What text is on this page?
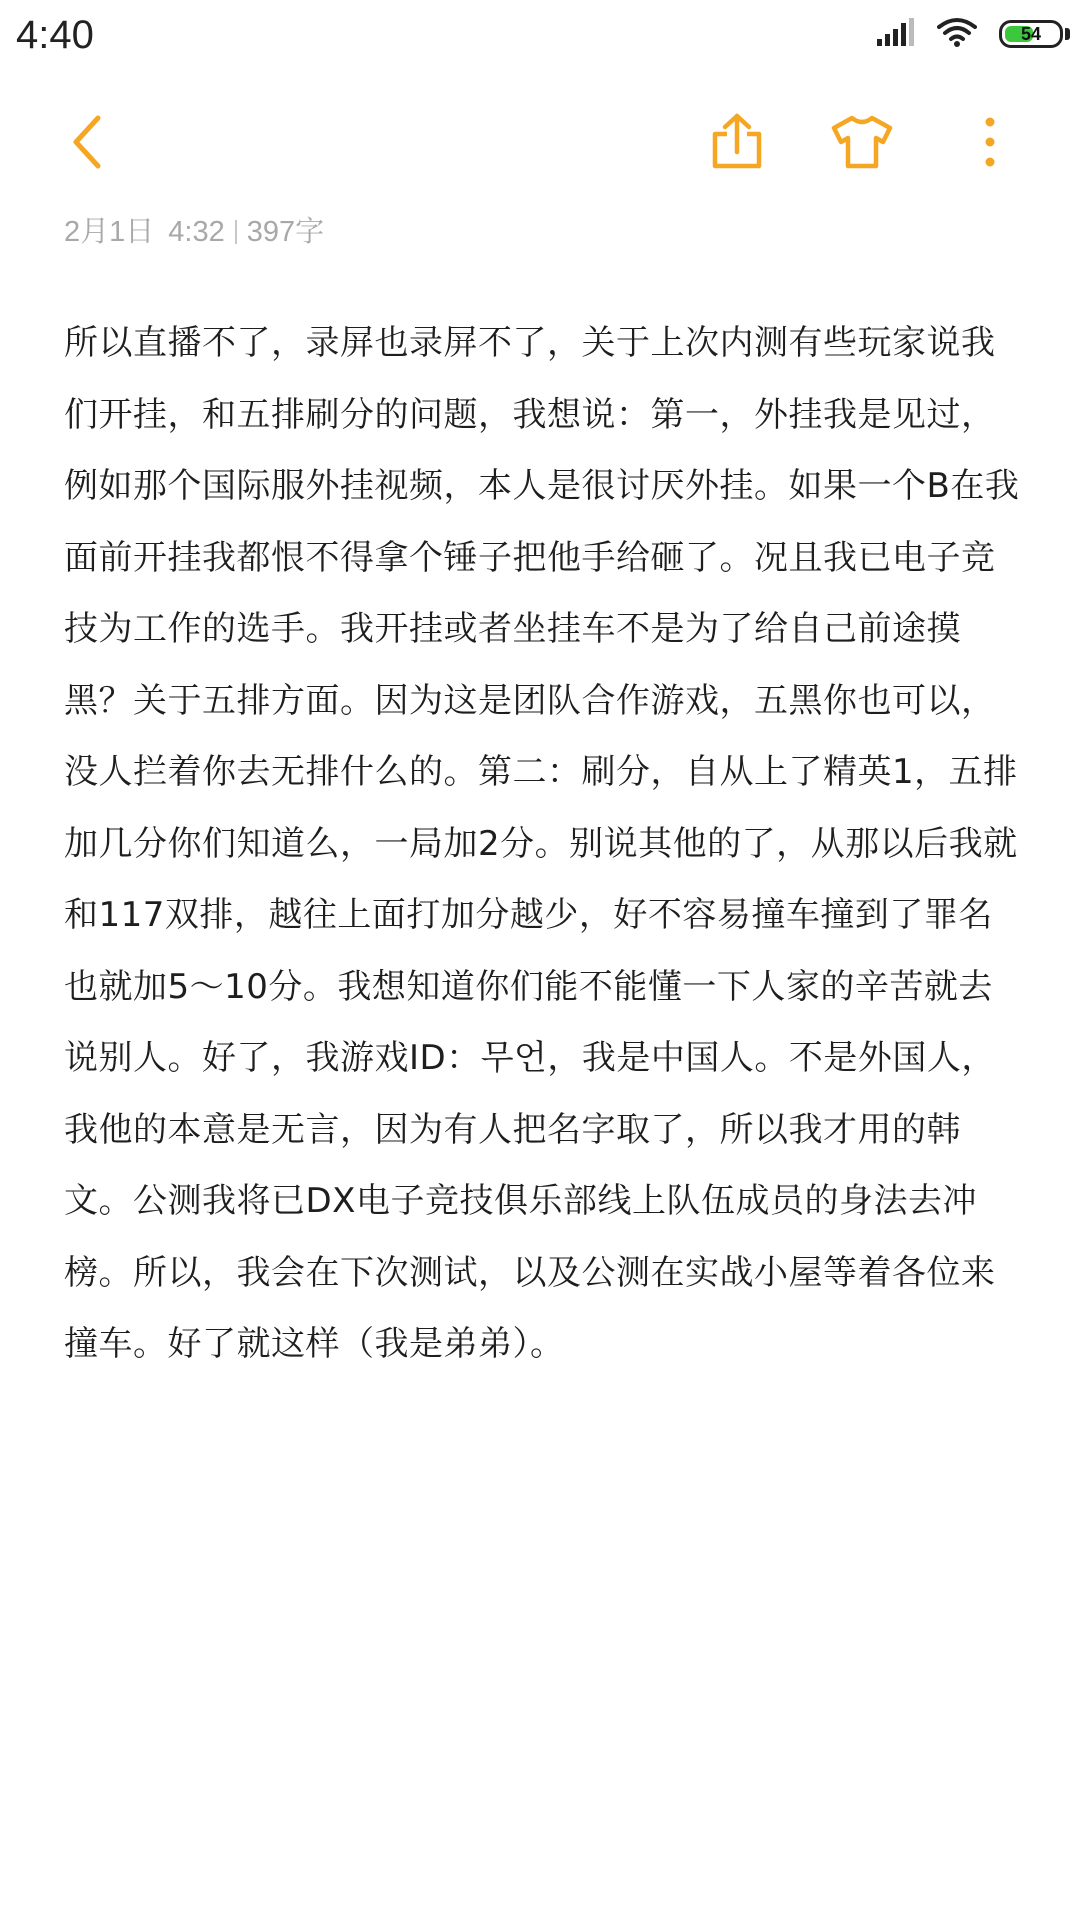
4:40	54
2月1日 4:32 397字
所以直播不了，录屏也录屏不了，关于上次内测有些玩家说我们开挂，和五排刷分的问题，我想说：第一，外挂我是见过，例如那个国际服外挂视频，本人是很讨厌外挂。如果一个B在我面前开挂我都恨不得拿个锤子把他手给砸了。况且我已电子竞技为工作的选手。我开挂或者坐挂车不是为了给自己前途摸黑？关于五排方面。因为这是团队合作游戏，五黑你也可以，没人拦着你去无排什么的。第二：刷分，自从上了精英1，五排加几分你们知道么，一局加2分。别说其他的了，从那以后我就和117双排，越往上面打加分越少，好不容易撞车撞到了罪名也就加5～10分。我想知道你们能不能懂一下人家的辛苦就去说别人。好了，我游戏ID：무언，我是中国人。不是外国人，我他的本意是无言，因为有人把名字取了，所以我才用的韩文。公测我将已DX电子竞技俱乐部线上队伍成员的身法去冲榜。所以，我会在下次测试，以及公测在实战小屋等着各位来撞车。好了就这样（我是弟弟）。
